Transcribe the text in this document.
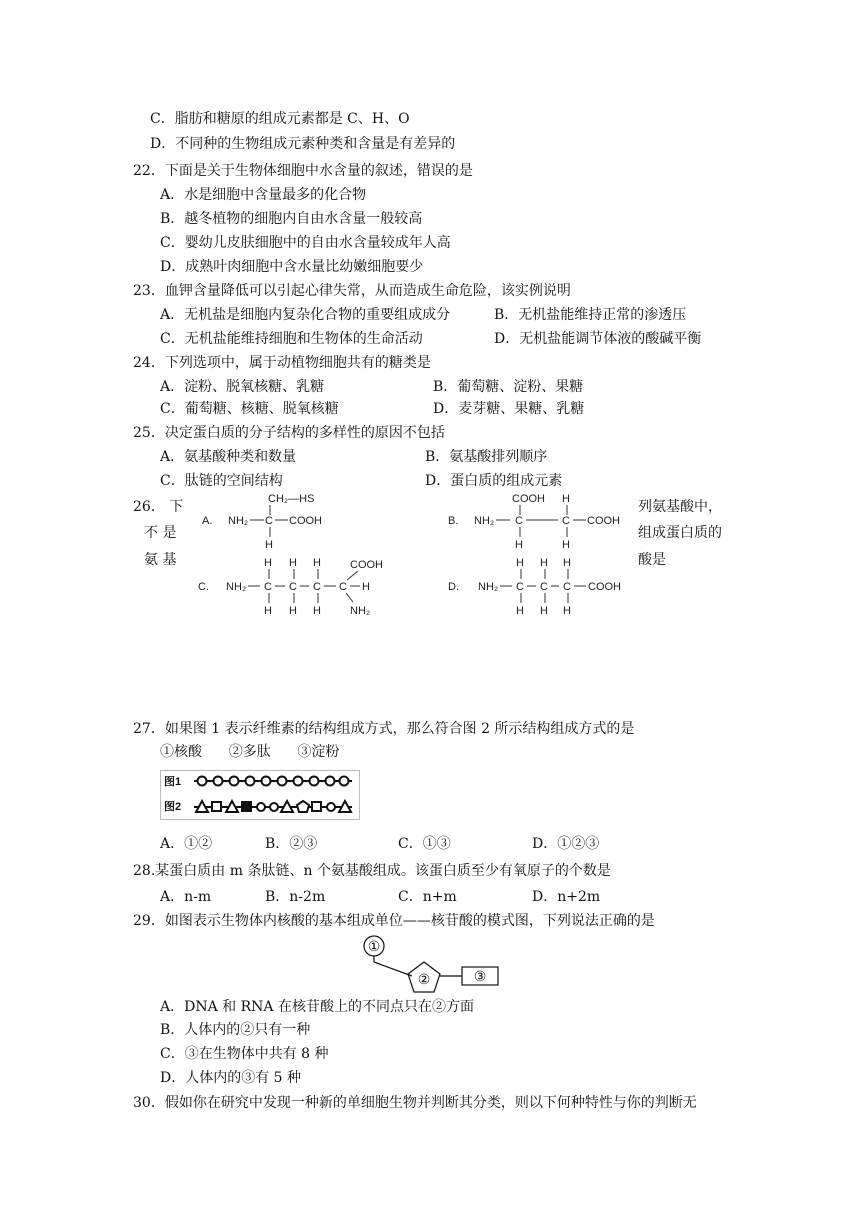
C．脂肪和糖原的组成元素都是 C、H、O
D．不同种的生物组成元素种类和含量是有差异的
22．下面是关于生物体细胞中水含量的叙述，错误的是
A．水是细胞中含量最多的化合物
B．越冬植物的细胞内自由水含量一般较高
C．婴幼儿皮肤细胞中的自由水含量较成年人高
D．成熟叶肉细胞中含水量比幼嫩细胞要少
23．血钾含量降低可以引起心律失常，从而造成生命危险，该实例说明
A．无机盐是细胞内复杂化合物的重要组成成分	B．无机盐能维持正常的渗透压
C．无机盐能维持细胞和生物体的生命活动	D．无机盐能调节体液的酸碱平衡
24．下列选项中，属于动植物细胞共有的糖类是
A．淀粉、脱氧核糖、乳糖	B．葡萄糖、淀粉、果糖
C．葡萄糖、核糖、脱氧核糖	D．麦芽糖、果糖、乳糖
25．决定蛋白质的分子结构的多样性的原因不包括
A．氨基酸种类和数量	B．氨基酸排列顺序
C．肽链的空间结构	D．蛋白质的组成元素
26． 下
不 是
氨 基
列氨基酸中，
组成蛋白质的
酸是
A.
CH₂—HS
NH₂ C COOH
H
B.
COOH H
NH₂ C	C COOH
H	H
C.
H H H	COOH
NH₂ C C C C H
H H H	NH₂
D.
H H H
NH₂ C C C COOH
H H H
27．如果图 1 表示纤维素的结构组成方式，那么符合图 2 所示结构组成方式的是
①核酸      ②多肽      ③淀粉
图1
图2
A．①②	B．②③	C．①③	D．①②③
28.某蛋白质由 m 条肽链、n 个氨基酸组成。该蛋白质至少有氧原子的个数是
A．n-m	B．n-2m	C．n+m	D．n+2m
29．如图表示生物体内核酸的基本组成单位——核苷酸的模式图，下列说法正确的是
①
②	③
A．DNA 和 RNA 在核苷酸上的不同点只在②方面
B．人体内的②只有一种
C．③在生物体中共有 8 种
D．人体内的③有 5 种
30．假如你在研究中发现一种新的单细胞生物并判断其分类，则以下何种特性与你的判断无
